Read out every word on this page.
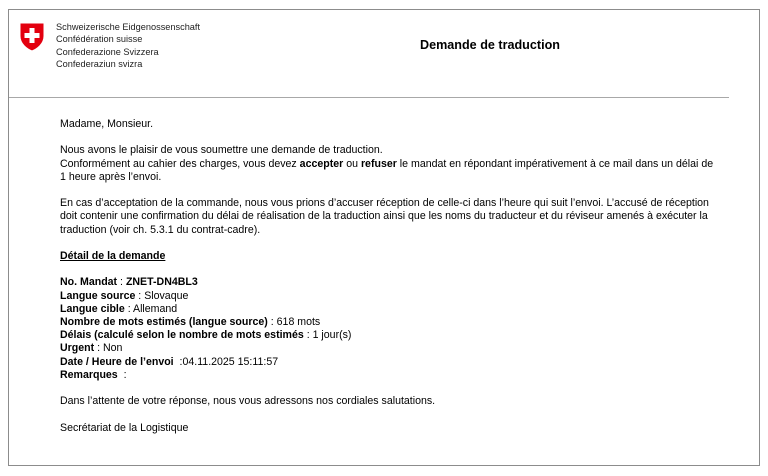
Schweizerische Eidgenossenschaft
Confédération suisse
Confederazione Svizzera
Confederaziun svizra
Demande de traduction

Madame, Monsieur.

Nous avons le plaisir de vous soumettre une demande de traduction.
Conformément au cahier des charges, vous devez accepter ou refuser le mandat en répondant impérativement à ce mail dans un délai de 1 heure après l’envoi.

En cas d’acceptation de la commande, nous vous prions d’accuser réception de celle-ci dans l’heure qui suit l’envoi. L’accusé de réception doit contenir une confirmation du délai de réalisation de la traduction ainsi que les noms du traducteur et du réviseur amenés à exécuter la traduction (voir ch. 5.3.1 du contrat-cadre).

Détail de la demande

No. Mandat : ZNET-DN4BL3

Langue source : Slovaque

Langue cible : Allemand

Nombre de mots estimés (langue source) : 618 mots

Délais (calculé selon le nombre de mots estimés : 1 jour(s)

Urgent : Non

Date / Heure de l’envoi  :04.11.2025 15:11:57

Remarques  :

Dans l’attente de votre réponse, nous vous adressons nos cordiales salutations.

Secrétariat de la Logistique
